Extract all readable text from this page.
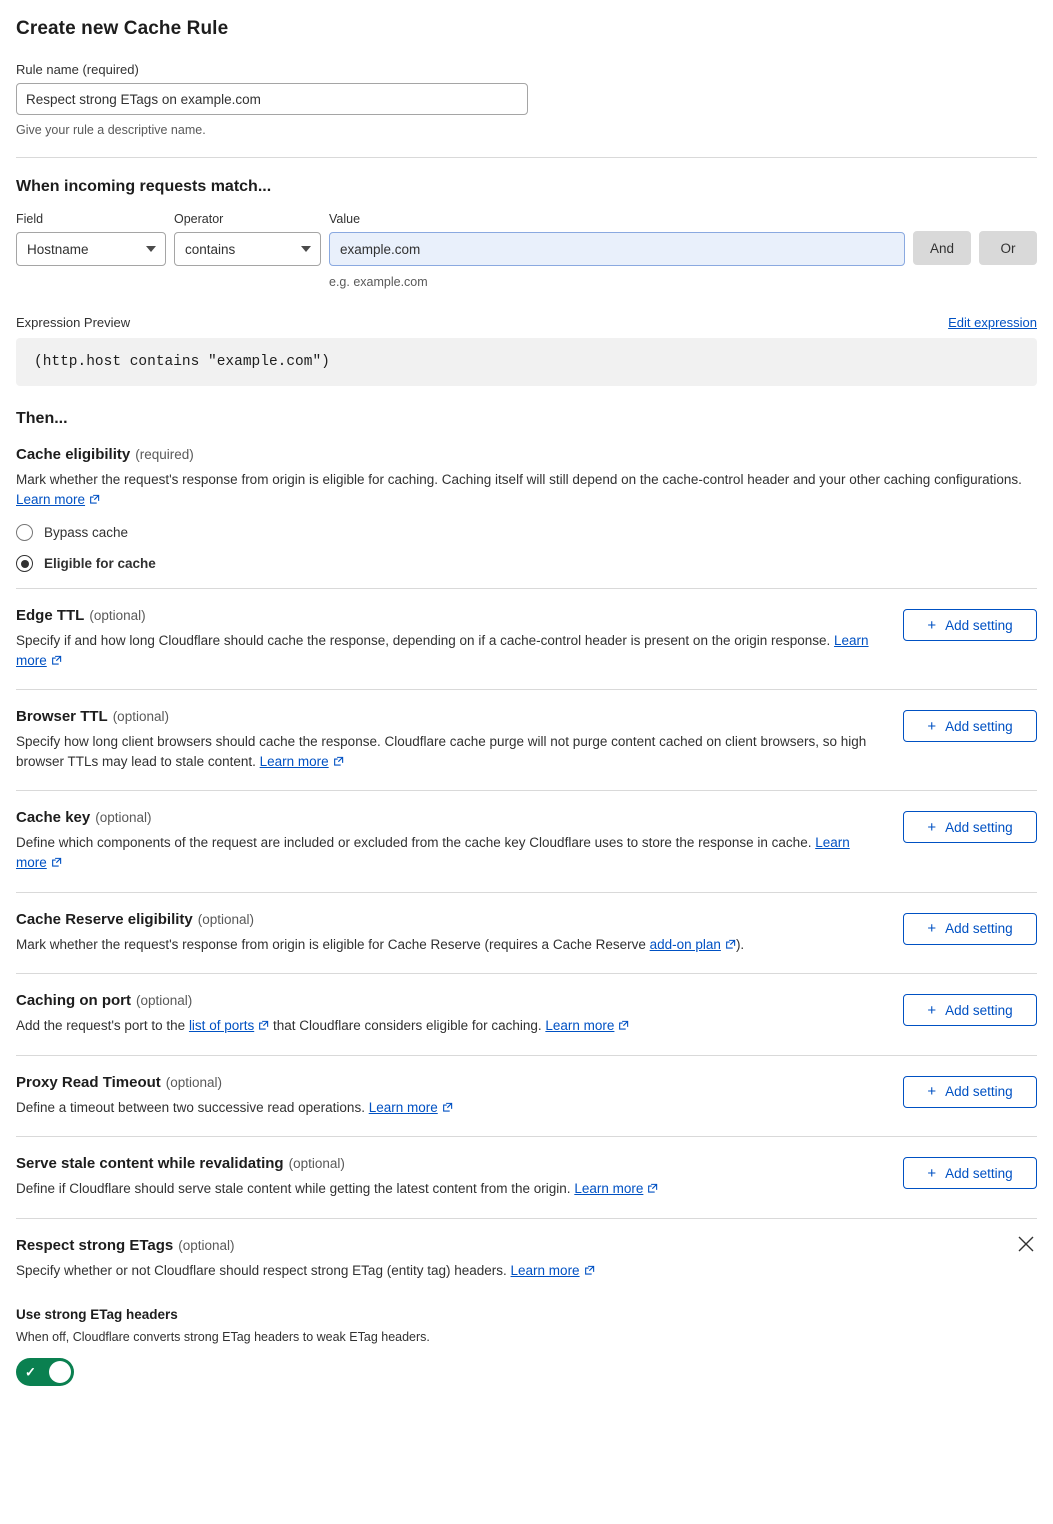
Create new Cache Rule
Rule name (required)
Respect strong ETags on example.com
Give your rule a descriptive name.
When incoming requests match...
Field
Hostname
Operator
contains
Value
example.com
e.g. example.com
And	Or
Expression Preview	Edit expression
(http.host contains "example.com")
Then...
Cache eligibility (required)
Mark whether the request's response from origin is eligible for caching. Caching itself will still depend on the cache-control header and your other caching configurations. Learn more
Bypass cache
Eligible for cache
Edge TTL (optional)
Specify if and how long Cloudflare should cache the response, depending on if a cache-control header is present on the origin response. Learn more
+ Add setting
Browser TTL (optional)
Specify how long client browsers should cache the response. Cloudflare cache purge will not purge content cached on client browsers, so high browser TTLs may lead to stale content. Learn more
+ Add setting
Cache key (optional)
Define which components of the request are included or excluded from the cache key Cloudflare uses to store the response in cache. Learn more
+ Add setting
Cache Reserve eligibility (optional)
Mark whether the request's response from origin is eligible for Cache Reserve (requires a Cache Reserve add-on plan ).
+ Add setting
Caching on port (optional)
Add the request's port to the list of ports that Cloudflare considers eligible for caching. Learn more
+ Add setting
Proxy Read Timeout (optional)
Define a timeout between two successive read operations. Learn more
+ Add setting
Serve stale content while revalidating (optional)
Define if Cloudflare should serve stale content while getting the latest content from the origin. Learn more
+ Add setting
Respect strong ETags (optional)
Specify whether or not Cloudflare should respect strong ETag (entity tag) headers. Learn more
Use strong ETag headers
When off, Cloudflare converts strong ETag headers to weak ETag headers.
✓
